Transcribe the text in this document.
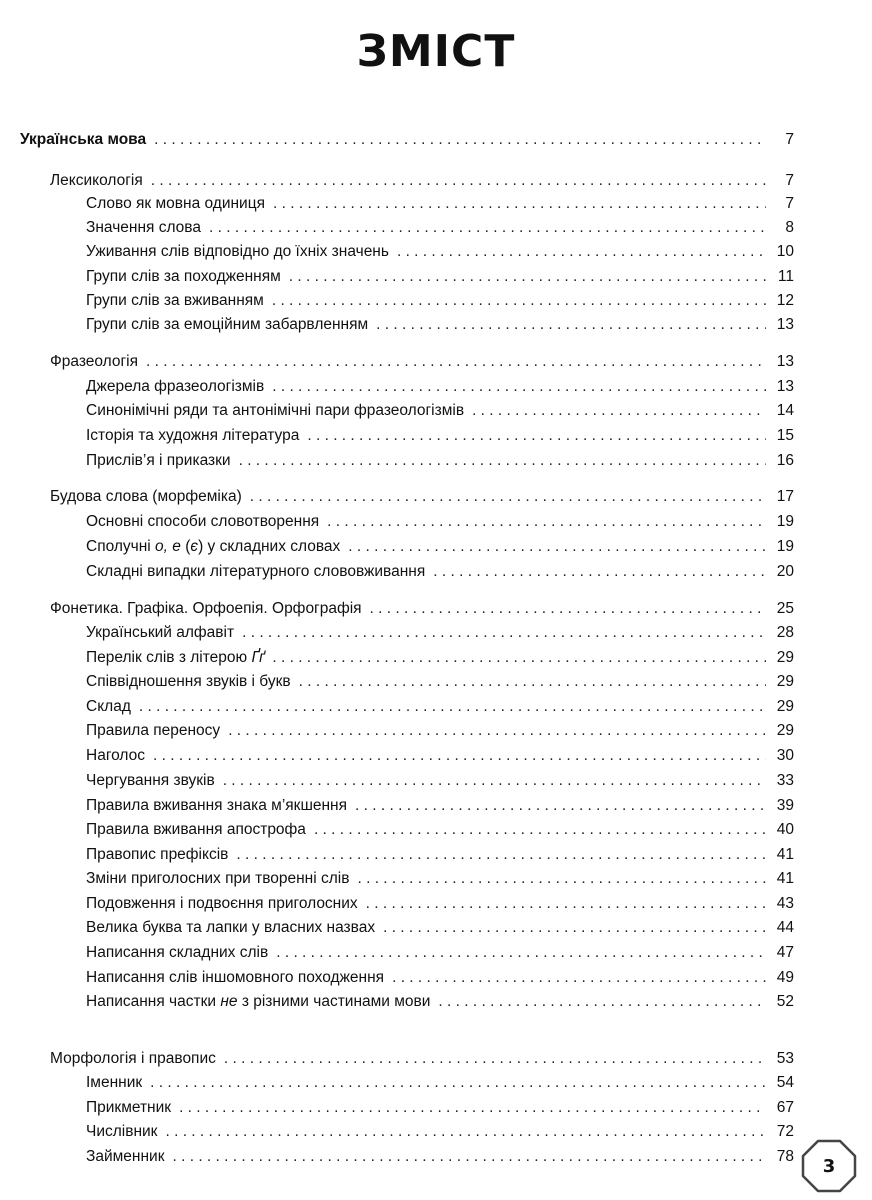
ЗМІСТ
Українська мова . . .	7
Лексикологія . . .	7
Слово як мовна одиниця . . .	7
Значення слова . . .	8
Уживання слів відповідно до їхніх значень . . .	10
Групи слів за походженням . . .	11
Групи слів за вживанням . . .	12
Групи слів за емоційним забарвленням . . .	13
Фразеологія . . .	13
Джерела фразеологізмів . . .	13
Синонімічні ряди та антонімічні пари фразеологізмів . . .	14
Історія та художня література . . .	15
Прислів’я і приказки . . .	16
Будова слова (морфеміка) . . .	17
Основні способи словотворення . . .	19
Сполучні о, е (є) у складних словах . . .	19
Складні випадки літературного слововживання . . .	20
Фонетика. Графіка. Орфоепія. Орфографія . . .	25
Український алфавіт . . .	28
Перелік слів з літерою Ґґ . . .	29
Співвідношення звуків і букв . . .	29
Склад . . .	29
Правила переносу . . .	29
Наголос . . .	30
Чергування звуків . . .	33
Правила вживання знака м’якшення . . .	39
Правила вживання апострофа . . .	40
Правопис префіксів . . .	41
Зміни приголосних при творенні слів . . .	41
Подовження і подвоєння приголосних . . .	43
Велика буква та лапки у власних назвах . . .	44
Написання складних слів . . .	47
Написання слів іншомовного походження . . .	49
Написання частки не з різними частинами мови . . .	52
Морфологія і правопис . . .	53
Іменник . . .	54
Прикметник . . .	67
Числівник . . .	72
Займенник . . .	78	3
